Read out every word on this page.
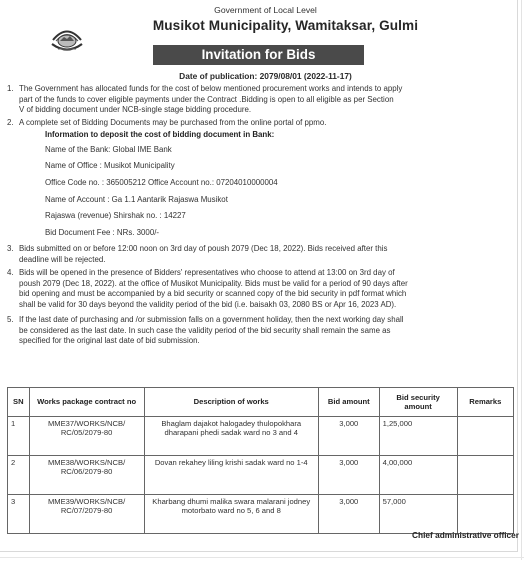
Government of Local Level
Musikot Municipality, Wamitaksar, Gulmi
Invitation for Bids
Date of publication: 2079/08/01 (2022-11-17)
1. The Government has allocated funds for the cost of below mentioned procurement works and intends to apply
part of the funds to cover eligible payments under the Contract .Bidding is open to all eligible as per Section
V of bidding document under NCB-single stage bidding procedure.
2. A complete set of Bidding Documents may be purchased from the online portal of ppmo.
Information to deposit the cost of bidding document in Bank:
Name of the Bank: Global IME Bank
Name of Office : Musikot Municipality
Office Code no. : 365005212 Office Account no.: 07204010000004
Name of Account : Ga 1.1 Aantarik Rajaswa Musikot
Rajaswa (revenue) Shirshak no. : 14227
Bid Document Fee : NRs. 3000/-
3. Bids submitted on or before 12:00 noon on 3rd day of poush 2079 (Dec 18, 2022). Bids received after this
deadline will be rejected.
4. Bids will be opened in the presence of Bidders' representatives who choose to attend at 13:00 on 3rd day of
poush 2079 (Dec 18, 2022). at the office of Musikot Municipality. Bids must be valid for a period of 90 days after
bid opening and must be accompanied by a bid security or scanned copy of the bid security in pdf format which
shall be valid for 30 days beyond the validity period of the bid (i.e. baisakh 03, 2080 BS or Apr 16, 2023 AD).
5. If the last date of purchasing and /or submission falls on a government holiday, then the next working day shall
be considered as the last date. In such case the validity period of the bid security shall remain the same as
specified for the original last date of bid submission.
SN	Works package contract no	Description of works	Bid amount	Bid security amount	Remarks
1	MME37/WORKS/NCB/ RC/05/2079-80	Bhaglam dajakot halogadey thulopokhara dharapani phedi sadak ward no 3 and 4	3,000	1,25,000	
2	MME38/WORKS/NCB/ RC/06/2079-80	Dovan rekahey liling krishi sadak ward no 1-4	3,000	4,00,000	
3	MME39/WORKS/NCB/ RC/07/2079-80	Kharbang dhumi malika swara malarani jodney motorbato ward no 5, 6 and 8	3,000	57,000	
Chief administrative officer
